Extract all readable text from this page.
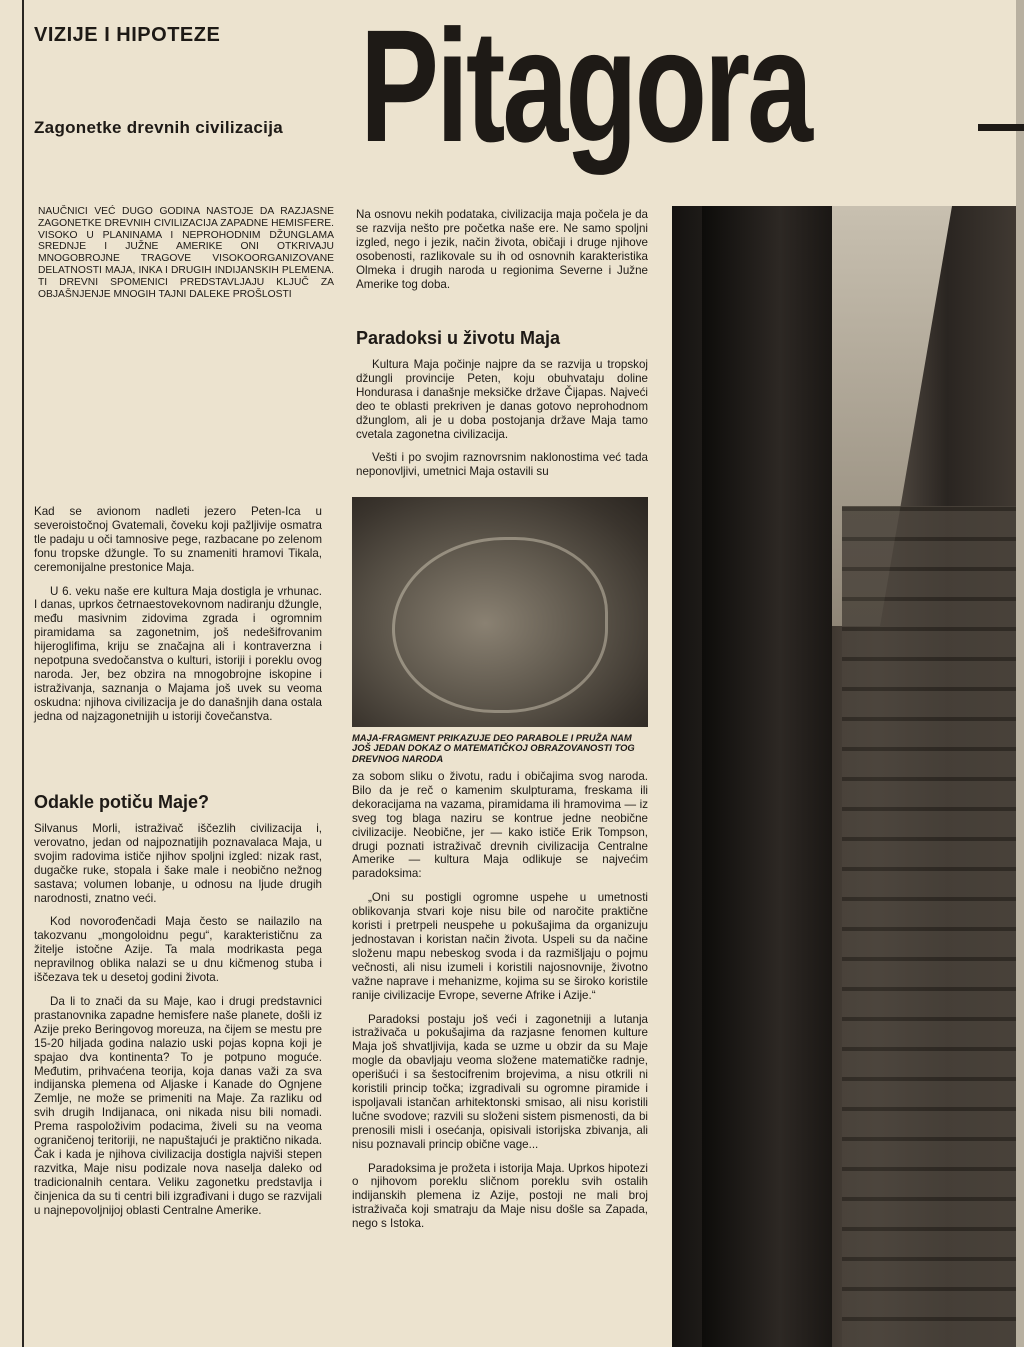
VIZIJE I HIPOTEZE
Zagonetke drevnih civilizacija Pitagora
NAUČNICI VEĆ DUGO GODINA NASTOJE DA RAZJASNE ZAGONETKE DREVNIH CIVILIZACIJA ZAPADNE HEMISFERE. VISOKO U PLANINAMA I NEPROHODNIM DŽUNGLAMA SREDNJE I JUŽNE AMERIKE ONI OTKRIVAJU MNOGOBROJNE TRAGOVE VISOKOORGANIZOVANE DELATNOSTI MAJA, INKA I DRUGIH INDIJANSKIH PLEMENA. TI DREVNI SPOMENICI PREDSTAVLJAJU KLJUČ ZA OBJAŠNJENJE MNOGIH TAJNI DALEKE PROŠLOSTI

Kad se avionom nadleti jezero Peten-Ica u severoistočnoj Gvatemali, čoveku koji pažljivije osmatra tle padaju u oči tamnosive pege, razbacane po zelenom fonu tropske džungle. To su znameniti hramovi Tikala, ceremonijalne prestonice Maja.

U 6. veku naše ere kultura Maja dostigla je vrhunac. I danas, uprkos četrnaestovekovnom nadiranju džungle, među masivnim zidovima zgrada i ogromnim piramidama sa zagonetnim, još nedešifrovanim hijeroglifima, kriju se značajna ali i kontraverzna i nepotpuna svedočanstva o kulturi, istoriji i poreklu ovog naroda. Jer, bez obzira na mnogobrojne iskopine i istraživanja, saznanja o Majama još uvek su veoma oskudna: njihova civilizacija je do današnjih dana ostala jedna od najzagonetnijih u istoriji čovečanstva.

Odakle potiču Maje?

Silvanus Morli, istraživač iščezlih civilizacija i, verovatno, jedan od najpoznatijih poznavalaca Maja, u svojim radovima ističe njihov spoljni izgled: nizak rast, dugačke ruke, stopala i šake male i neobično nežnog sastava; volumen lobanje, u odnosu na ljude drugih narodnosti, znatno veći.

Kod novorođenčadi Maja često se nailazilo na takozvanu „mongoloidnu pegu“, karakterističnu za žitelje istočne Azije. Ta mala modrikasta pega nepravilnog oblika nalazi se u dnu kičmenog stuba i iščezava tek u desetoj godini života.

Da li to znači da su Maje, kao i drugi predstavnici prastanovnika zapadne hemisfere naše planete, došli iz Azije preko Beringovog moreuza, na čijem se mestu pre 15-20 hiljada godina nalazio uski pojas kopna koji je spajao dva kontinenta? To je potpuno moguće. Međutim, prihvaćena teorija, koja danas važi za sva indijanska plemena od Aljaske i Kanade do Ognjene Zemlje, ne može se primeniti na Maje. Za razliku od svih drugih Indijanaca, oni nikada nisu bili nomadi. Prema raspoloživim podacima, živeli su na veoma ograničenoj teritoriji, ne napuštajući je praktično nikada. Čak i kada je njihova civilizacija dostigla najviši stepen razvitka, Maje nisu podizale nova naselja daleko od tradicionalnih centara. Veliku zagonetku predstavlja i činjenica da su ti centri bili izgrađivani i dugo se razvijali u najnepovoljnijoj oblasti Centralne Amerike.

Na osnovu nekih podataka, civilizacija maja počela je da se razvija nešto pre početka naše ere. Ne samo spoljni izgled, nego i jezik, način života, običaji i druge njihove osobenosti, razlikovale su ih od osnovnih karakteristika Olmeka i drugih naroda u regionima Severne i Južne Amerike tog doba.

Paradoksi u životu Maja

Kultura Maja počinje najpre da se razvija u tropskoj džungli provincije Peten, koju obuhvataju doline Hondurasa i današnje meksičke države Čijapas. Najveći deo te oblasti prekriven je danas gotovo neprohodnom džunglom, ali je u doba postojanja države Maja tamo cvetala zagonetna civilizacija.

Vešti i po svojim raznovrsnim naklonostima već tada neponovljivi, umetnici Maja ostavili su

MAJA-FRAGMENT PRIKAZUJE DEO PARABOLE I PRUŽA NAM JOŠ JEDAN DOKAZ O MATEMATIČKOJ OBRAZOVANOSTI TOG DREVNOG NARODA

za sobom sliku o životu, radu i običajima svog naroda. Bilo da je reč o kamenim skulpturama, freskama ili dekoracijama na vazama, piramidama ili hramovima — iz sveg tog blaga naziru se kontrue jedne neobične civilizacije. Neobične, jer — kako ističe Erik Tompson, drugi poznati istraživač drevnih civilizacija Centralne Amerike — kultura Maja odlikuje se najvećim paradoksima:

„Oni su postigli ogromne uspehe u umetnosti oblikovanja stvari koje nisu bile od naročite praktične koristi i pretrpeli neuspehe u pokušajima da organizuju jednostavan i koristan način života. Uspeli su da načine složenu mapu nebeskog svoda i da razmišljaju o pojmu večnosti, ali nisu izumeli i koristili najosnovnije, životno važne naprave i mehanizme, kojima su se široko koristile ranije civilizacije Evrope, severne Afrike i Azije.“

Paradoksi postaju još veći i zagonetniji a lutanja istraživača u pokušajima da razjasne fenomen kulture Maja još shvatljivija, kada se uzme u obzir da su Maje mogle da obavljaju veoma složene matematičke radnje, operišući i sa šestocifrenim brojevima, a nisu otkrili ni koristili princip točka; izgradivali su ogromne piramide i ispoljavali istančan arhitektonski smisao, ali nisu koristili lučne svodove; razvili su složeni sistem pismenosti, da bi prenosili misli i osećanja, opisivali istorijska zbivanja, ali nisu poznavali princip obične vage...

Paradoksima je prožeta i istorija Maja. Uprkos hipotezi o njihovom poreklu sličnom poreklu svih ostalih indijanskih plemena iz Azije, postoji ne mali broj istraživača koji smatraju da Maje nisu došle sa Zapada, nego s Istoka.
